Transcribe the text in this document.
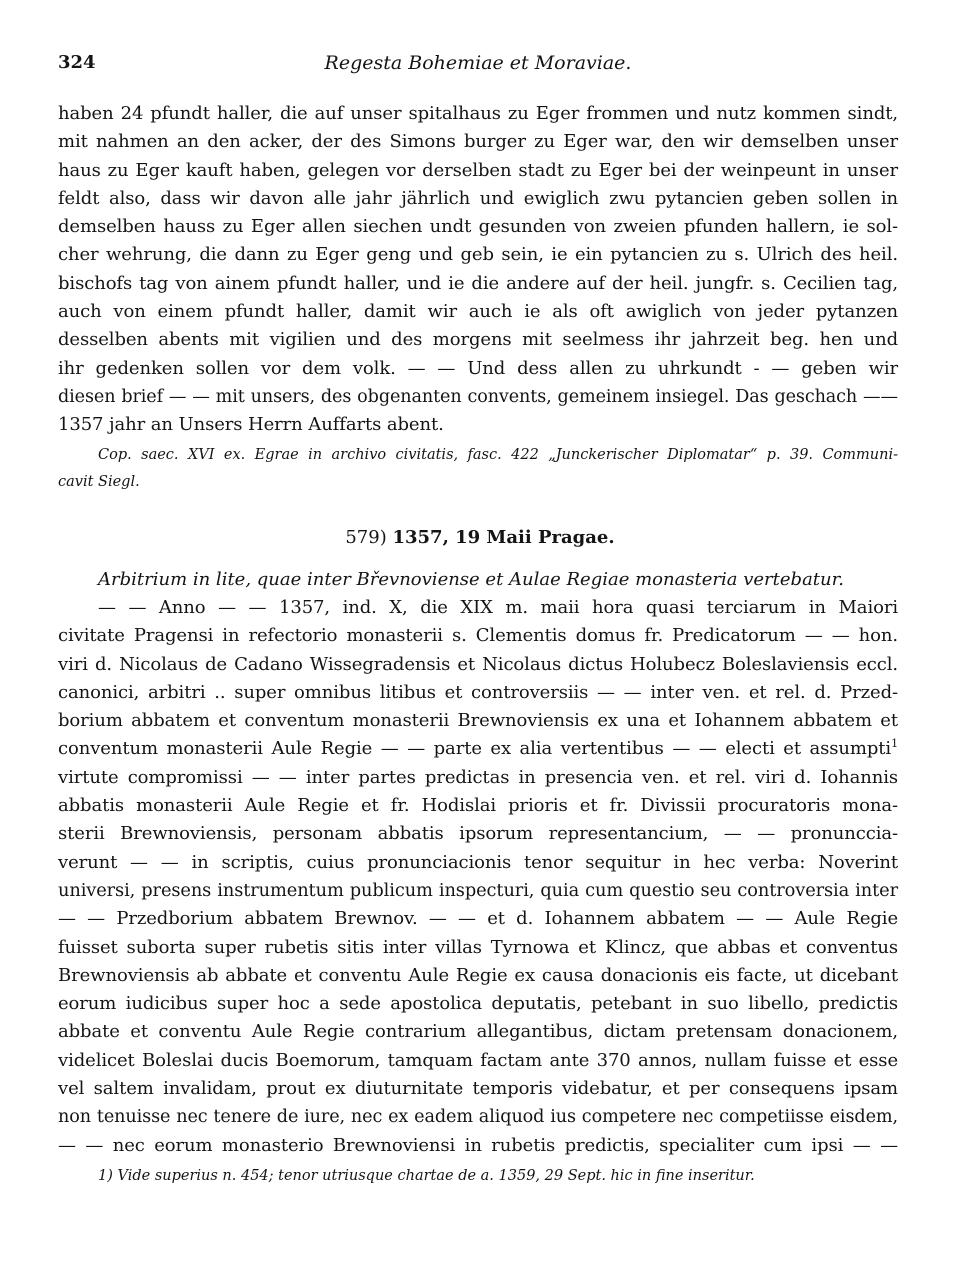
324	Regesta Bohemiae et Moraviae.
haben 24 pfundt haller, die auf unser spitalhaus zu Eger frommen und nutz kommen sindt,
mit nahmen an den acker, der des Simons burger zu Eger war, den wir demselben unser
haus zu Eger kauft haben, gelegen vor derselben stadt zu Eger bei der weinpeunt in unser
feldt also, dass wir davon alle jahr jährlich und ewiglich zwu pytancien geben sollen in
demselben hauss zu Eger allen siechen undt gesunden von zweien pfunden hallern, ie sol-
cher wehrung, die dann zu Eger geng und geb sein, ie ein pytancien zu s. Ulrich des heil.
bischofs tag von ainem pfundt haller, und ie die andere auf der heil. jungfr. s. Cecilien tag,
auch von einem pfundt haller, damit wir auch ie als oft awiglich von jeder pytanzen
desselben abents mit vigilien und des morgens mit seelmess ihr jahrzeit beg. hen und
ihr gedenken sollen vor dem volk. — — Und dess allen zu uhrkundt - — geben wir
diesen brief — — mit unsers, des obgenanten convents, gemeinem insiegel. Das geschach ——
1357 jahr an Unsers Herrn Auffarts abent.
Cop. saec. XVI ex. Egrae in archivo civitatis, fasc. 422 „Junckerischer Diplomatar“ p. 39. Communi-
cavit Siegl.
579) 1357, 19 Maii Pragae.
Arbitrium in lite, quae inter Břevnoviense et Aulae Regiae monasteria vertebatur.
— — Anno — — 1357, ind. X, die XIX m. maii hora quasi terciarum in Maiori
civitate Pragensi in refectorio monasterii s. Clementis domus fr. Predicatorum — — hon.
viri d. Nicolaus de Cadano Wissegradensis et Nicolaus dictus Holubecz Boleslaviensis eccl.
canonici, arbitri .. super omnibus litibus et controversiis — — inter ven. et rel. d. Przed-
borium abbatem et conventum monasterii Brewnoviensis ex una et Iohannem abbatem et
conventum monasterii Aule Regie — — parte ex alia vertentibus — — electi et assumpti$^1$
virtute compromissi — — inter partes predictas in presencia ven. et rel. viri d. Iohannis
abbatis monasterii Aule Regie et fr. Hodislai prioris et fr. Divissii procuratoris mona-
sterii Brewnoviensis, personam abbatis ipsorum representancium, — — pronunccia-
verunt — — in scriptis, cuius pronunciacionis tenor sequitur in hec verba: Noverint
universi, presens instrumentum publicum inspecturi, quia cum questio seu controversia inter
— — Przedborium abbatem Brewnov. — — et d. Iohannem abbatem — — Aule Regie
fuisset suborta super rubetis sitis inter villas Tyrnowa et Klincz, que abbas et conventus
Brewnoviensis ab abbate et conventu Aule Regie ex causa donacionis eis facte, ut dicebant
eorum iudicibus super hoc a sede apostolica deputatis, petebant in suo libello, predictis
abbate et conventu Aule Regie contrarium allegantibus, dictam pretensam donacionem,
videlicet Boleslai ducis Boemorum, tamquam factam ante 370 annos, nullam fuisse et esse
vel saltem invalidam, prout ex diuturnitate temporis videbatur, et per consequens ipsam
non tenuisse nec tenere de iure, nec ex eadem aliquod ius competere nec competiisse eisdem,
— — nec eorum monasterio Brewnoviensi in rubetis predictis, specialiter cum ipsi — —
1) Vide superius n. 454; tenor utriusque chartae de a. 1359, 29 Sept. hic in fine inseritur.
